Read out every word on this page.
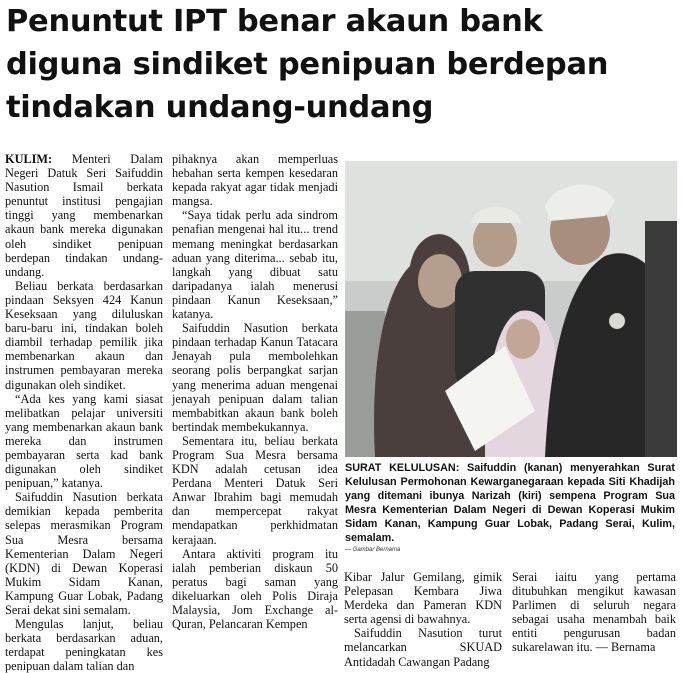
Penuntut IPT benar akaun bank
diguna sindiket penipuan berdepan
tindakan undang-undang

KULIM: Menteri Dalam Negeri Datuk Seri Saifuddin Nasution Ismail berkata penuntut institusi pengajian tinggi yang membenarkan akaun bank mereka digunakan oleh sindiket penipuan berdepan tindakan undang-undang.

Beliau berkata berdasarkan pindaan Seksyen 424 Kanun Keseksaan yang diluluskan baru-baru ini, tindakan boleh diambil terhadap pemilik jika membenarkan akaun dan instrumen pembayaran mereka digunakan oleh sindiket.

“Ada kes yang kami siasat melibatkan pelajar universiti yang membenarkan akaun bank mereka dan instrumen pembayaran serta kad bank digunakan oleh sindiket penipuan,” katanya.

Saifuddin Nasution berkata demikian kepada pemberita selepas merasmikan Program Sua Mesra bersama Kementerian Dalam Negeri (KDN) di Dewan Koperasi Mukim Sidam Kanan, Kampung Guar Lobak, Padang Serai dekat sini semalam.

Mengulas lanjut, beliau berkata berdasarkan aduan, terdapat peningkatan kes penipuan dalam talian dan

pihaknya akan memperluas hebahan serta kempen kesedaran kepada rakyat agar tidak menjadi mangsa.

“Saya tidak perlu ada sindrom penafian mengenai hal itu... trend memang meningkat berdasarkan aduan yang diterima... sebab itu, langkah yang dibuat satu daripadanya ialah menerusi pindaan Kanun Keseksaan,” katanya.

Saifuddin Nasution berkata pindaan terhadap Kanun Tatacara Jenayah pula membolehkan seorang polis berpangkat sarjan yang menerima aduan mengenai jenayah penipuan dalam talian membabitkan akaun bank boleh bertindak membekukannya.

Sementara itu, beliau berkata Program Sua Mesra bersama KDN adalah cetusan idea Perdana Menteri Datuk Seri Anwar Ibrahim bagi memudah dan mempercepat rakyat mendapatkan perkhidmatan kerajaan.

Antara aktiviti program itu ialah pemberian diskaun 50 peratus bagi saman yang dikeluarkan oleh Polis Diraja Malaysia, Jom Exchange al-Quran, Pelancaran Kempen

SURAT KELULUSAN: Saifuddin (kanan) menyerahkan Surat Kelulusan Permohonan Kewarganegaraan kepada Siti Khadijah yang ditemani ibunya Narizah (kiri) sempena Program Sua Mesra Kementerian Dalam Negeri di Dewan Koperasi Mukim Sidam Kanan, Kampung Guar Lobak, Padang Serai, Kulim, semalam.
— Gambar Bernama

Kibar Jalur Gemilang, gimik Pelepasan Kembara Jiwa Merdeka dan Pameran KDN serta agensi di bawahnya.

Saifuddin Nasution turut melancarkan SKUAD Antidadah Cawangan Padang

Serai iaitu yang pertama ditubuhkan mengikut kawasan Parlimen di seluruh negara sebagai usaha menambah baik entiti pengurusan badan sukarelawan itu. — Bernama
